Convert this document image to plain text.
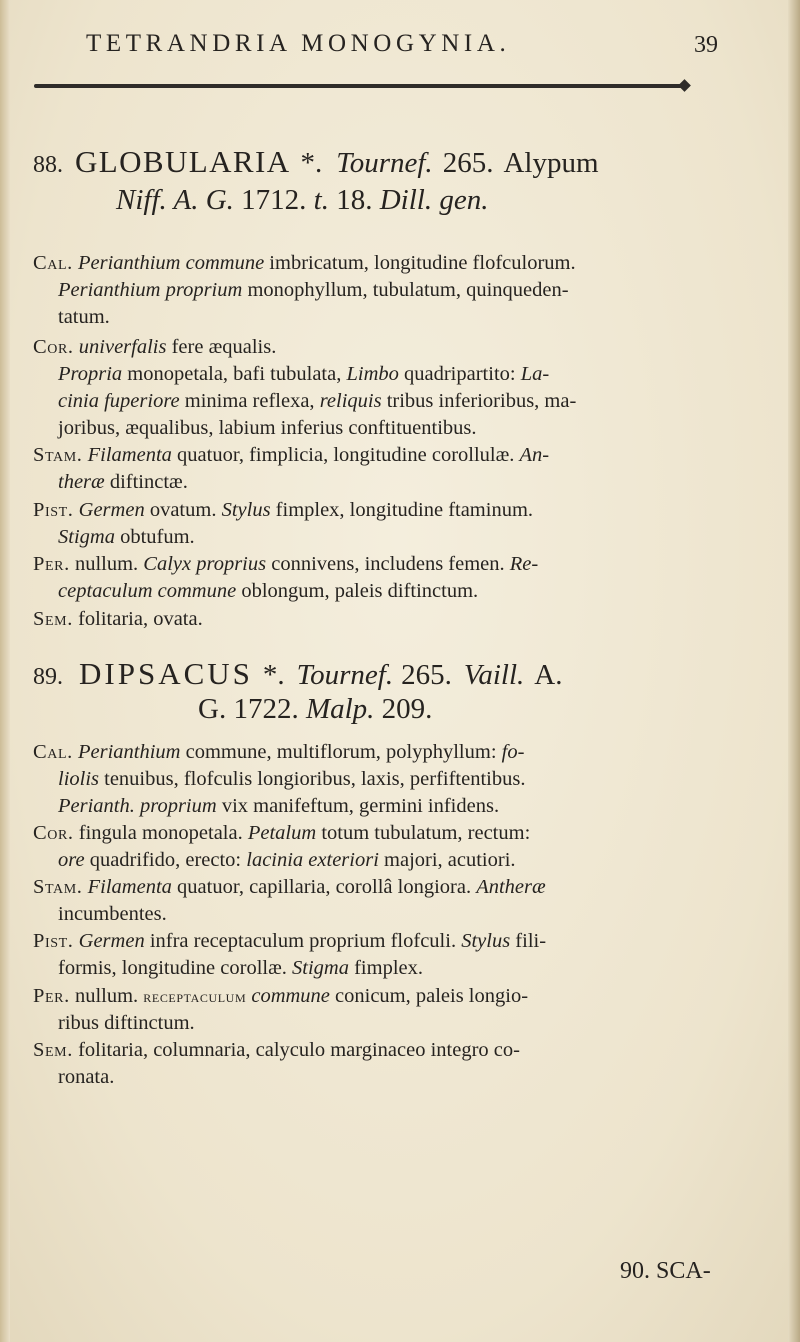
TETRANDRIA MONOGYNIA.	39
88. GLOBULARIA *. Tournef. 265. Alypum
Niff. A. G. 1712. t. 18. Dill. gen.
Cal. Perianthium commune imbricatum, longitudine flofculorum.
Perianthium proprium monophyllum, tubulatum, quinqueden-
tatum.
Cor. univerfalis fere æqualis.
Propria monopetala, bafi tubulata, Limbo quadripartito: La-
cinia fuperiore minima reflexa, reliquis tribus inferioribus, ma-
joribus, æqualibus, labium inferius conftituentibus.
Stam. Filamenta quatuor, fimplicia, longitudine corollulæ. An-
theræ diftinctæ.
Pist. Germen ovatum. Stylus fimplex, longitudine ftaminum.
Stigma obtufum.
Per. nullum. Calyx proprius connivens, includens femen. Re-
ceptaculum commune oblongum, paleis diftinctum.
Sem. folitaria, ovata.
89. DIPSACUS *. Tournef. 265. Vaill. A.
G. 1722. Malp. 209.
Cal. Perianthium commune, multiflorum, polyphyllum: fo-
liolis tenuibus, flofculis longioribus, laxis, perfiftentibus.
Perianth. proprium vix manifeftum, germini infidens.
Cor. fingula monopetala. Petalum totum tubulatum, rectum:
ore quadrifido, erecto: lacinia exteriori majori, acutiori.
Stam. Filamenta quatuor, capillaria, corollâ longiora. Antheræ
incumbentes.
Pist. Germen infra receptaculum proprium flofculi. Stylus fili-
formis, longitudine corollæ. Stigma fimplex.
Per. nullum. receptaculum commune conicum, paleis longio-
ribus diftinctum.
Sem. folitaria, columnaria, calyculo marginaceo integro co-
ronata.
90. SCA-
